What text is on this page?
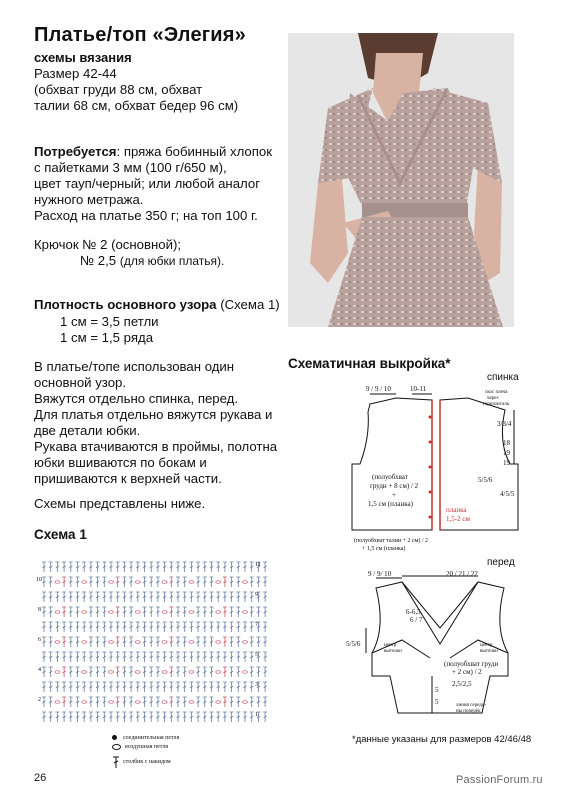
Платье/топ «Элегия»
схемы вязания
Размер 42-44
(обхват груди 88 см, обхват
талии 68 см, обхват бедер 96 см)
Потребуется: пряжа бобинный хлопок
с пайетками 3 мм (100 г/650 м),
цвет тауп/черный; или любой аналог
нужного метража.
Расход на платье 350 г; на топ 100 г.
Крючок № 2 (основной);
№ 2,5 (для юбки платья).
Плотность основного узора (Схема 1)
1 см = 3,5 петли
1 см = 1,5 ряда
В платье/топе использован один
основной узор.
Вяжутся отдельно спинка, перед.
Для платья отдельно вяжутся рукава и
две детали юбки.
Рукава втачиваются в проймы, полотна
юбки вшиваются по бокам и
пришиваются к верхней части.
Схемы представлены ниже.
Схема 1
10
8
6
4
2
11
9
7
5
3
1
соединительная петля
воздушная петля
столбик с накидом
Схематичная выкройка*
спинка
перед
9 / 9 / 10	10-11	скос плеча
через
горизонталь
3/3/4
18
19
19
5/5/6
4/5/5
(полуобхват
груди + 8 см) / 2
+
1,5 см (планка)
(полуобхват талии + 2 см) / 2
+ 1,5 см (планка)
планка
1,5-2 см
9 / 9/ 10	20 / 21 / 22
6-6,5
6 / 7
5/5/6	центр
выточки
центр
выточки
(полуобхват груди
+ 2 см) / 2
2,5/2,5
5
5	линия середи-
ны поперёк
*данные указаны для размеров 42/46/48
26	PassionForum.ru
